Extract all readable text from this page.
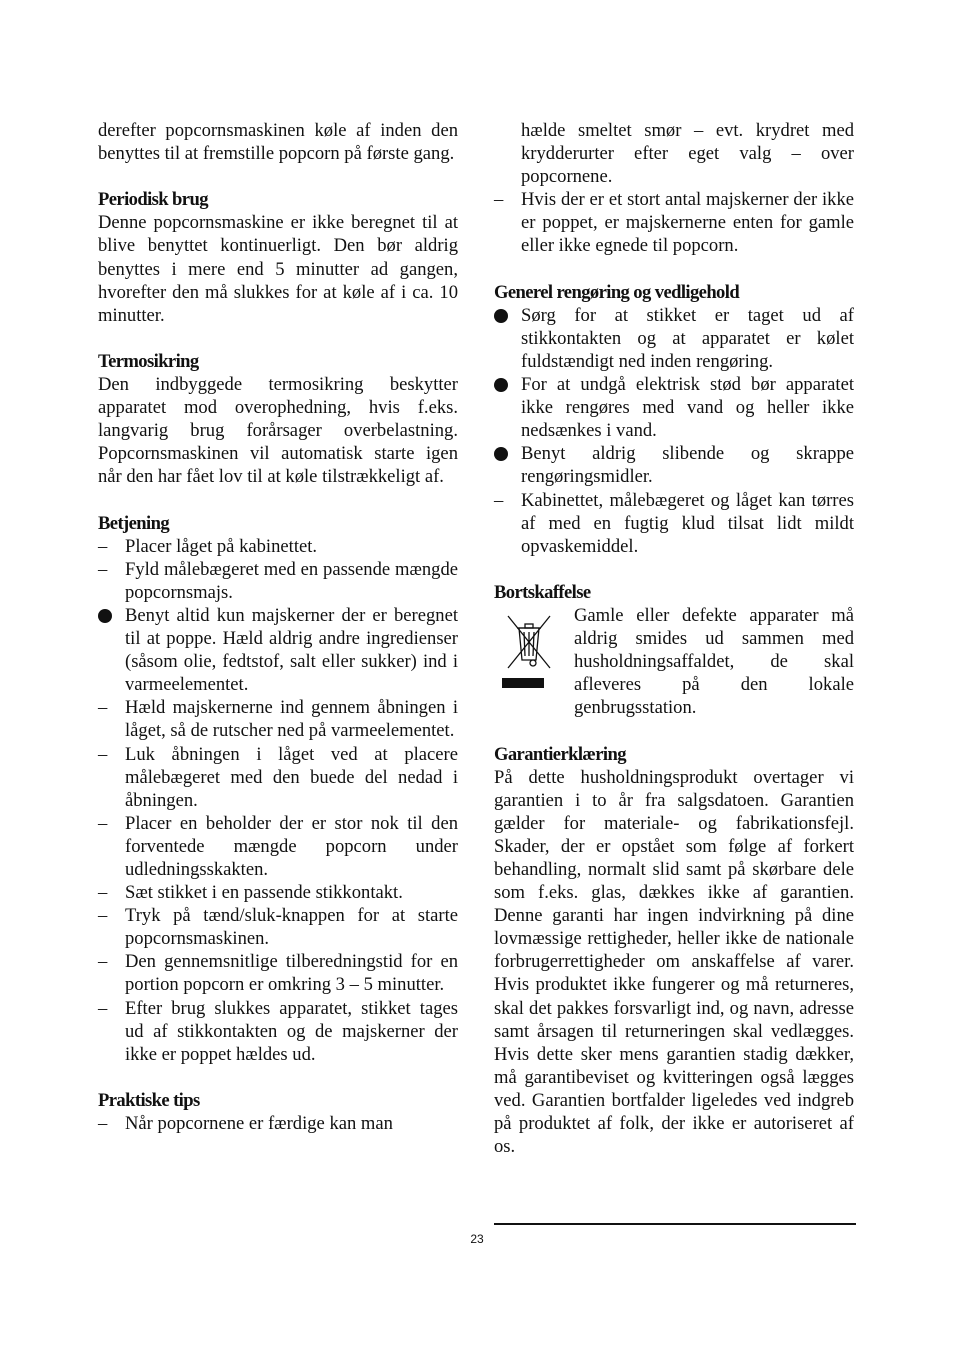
derefter popcornsmaskinen køle af inden den benyttes til at fremstille popcorn på første gang.

Periodisk brug

Denne popcornsmaskine er ikke beregnet til at blive benyttet kontinuerligt. Den bør aldrig benyttes i mere end 5 minutter ad gangen, hvorefter den må slukkes for at køle af i ca. 10 minutter.

Termosikring

Den indbyggede termosikring beskytter apparatet mod overophedning, hvis f.eks. langvarig brug forårsager overbelastning. Popcornsmaskinen vil automatisk starte igen når den har fået lov til at køle tilstrækkeligt af.

Betjening
–
Placer låget på kabinettet.
–
Fyld målebægeret med en passende mængde popcornsmajs.
Benyt altid kun majskerner der er beregnet til at poppe. Hæld aldrig andre ingredienser (såsom olie, fedtstof, salt eller sukker) ind i varmeelementet.
–
Hæld majskernerne ind gennem åbningen i låget, så de rutscher ned på varmeelementet.
–
Luk åbningen i låget ved at placere målebægeret med den buede del nedad i åbningen.
–
Placer en beholder der er stor nok til den forventede mængde popcorn under udledningsskakten.
–
Sæt stikket i en passende stikkontakt.
–
Tryk på tænd/sluk-knappen for at starte popcornsmaskinen.
–
Den gennemsnitlige tilberedningstid for en portion popcorn er omkring 3 – 5 minutter.
–
Efter brug slukkes apparatet, stikket tages ud af stikkontakten og de majskerner der ikke er poppet hældes ud.
Praktiske tips
–
Når popcornene er færdige kan man

hælde smeltet smør – evt. krydret med krydderurter efter eget valg – over popcornene.

–
Hvis der er et stort antal majskerner der ikke er poppet, er majskernerne enten for gamle eller ikke egnede til popcorn.
Generel rengøring og vedligehold
Sørg for at stikket er taget ud af stikkontakten og at apparatet er kølet fuldstændigt ned inden rengøring.
For at undgå elektrisk stød bør apparatet ikke rengøres med vand og heller ikke nedsænkes i vand.
Benyt aldrig slibende og skrappe rengøringsmidler.
–
Kabinettet, målebægeret og låget kan tørres af med en fugtig klud tilsat lidt mildt opvaskemiddel.
Bortskaffelse

Gamle eller defekte apparater må aldrig smides ud sammen med husholdningsaffaldet, de skal afleveres på den lokale genbrugsstation.

Garantierklæring

På dette husholdningsprodukt overtager vi garantien i to år fra salgsdatoen. Garantien gælder for materiale- og fabrikationsfejl. Skader, der er opstået som følge af forkert behandling, normalt slid samt på skørbare dele som f.eks. glas, dækkes ikke af garantien. Denne garanti har ingen indvirkning på dine lovmæssige rettigheder, heller ikke de nationale forbrugerrettigheder om anskaffelse af varer. Hvis produktet ikke fungerer og må returneres, skal det pakkes forsvarligt ind, og navn, adresse samt årsagen til returneringen skal vedlægges. Hvis dette sker mens garantien stadig dækker, må garantibeviset og kvitteringen også lægges ved. Garantien bortfalder ligeledes ved indgreb på produktet af folk, der ikke er autoriseret af os.

23
